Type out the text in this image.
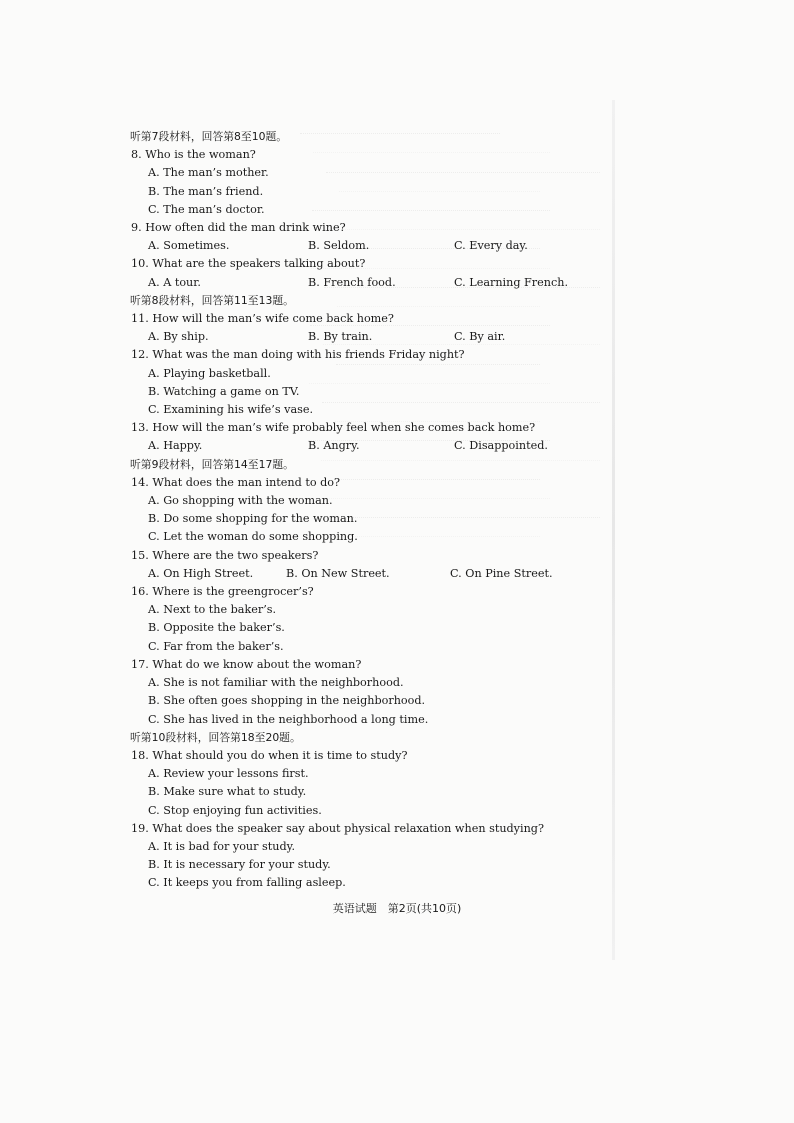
听第7段材料，回答第8至10题。
8. Who is the woman?
A. The man’s mother.
B. The man’s friend.
C. The man’s doctor.
9. How often did the man drink wine?
A. Sometimes.	B. Seldom.	C. Every day.
10. What are the speakers talking about?
A. A tour.	B. French food.	C. Learning French.
听第8段材料，回答第11至13题。
11. How will the man’s wife come back home?
A. By ship.	B. By train.	C. By air.
12. What was the man doing with his friends Friday night?
A. Playing basketball.
B. Watching a game on TV.
C. Examining his wife’s vase.
13. How will the man’s wife probably feel when she comes back home?
A. Happy.	B. Angry.	C. Disappointed.
听第9段材料，回答第14至17题。
14. What does the man intend to do?
A. Go shopping with the woman.
B. Do some shopping for the woman.
C. Let the woman do some shopping.
15. Where are the two speakers?
A. On High Street.	B. On New Street.	C. On Pine Street.
16. Where is the greengrocer’s?
A. Next to the baker’s.
B. Opposite the baker’s.
C. Far from the baker’s.
17. What do we know about the woman?
A. She is not familiar with the neighborhood.
B. She often goes shopping in the neighborhood.
C. She has lived in the neighborhood a long time.
听第10段材料，回答第18至20题。
18. What should you do when it is time to study?
A. Review your lessons first.
B. Make sure what to study.
C. Stop enjoying fun activities.
19. What does the speaker say about physical relaxation when studying?
A. It is bad for your study.
B. It is necessary for your study.
C. It keeps you from falling asleep.
英语试题　第2页(共10页)
